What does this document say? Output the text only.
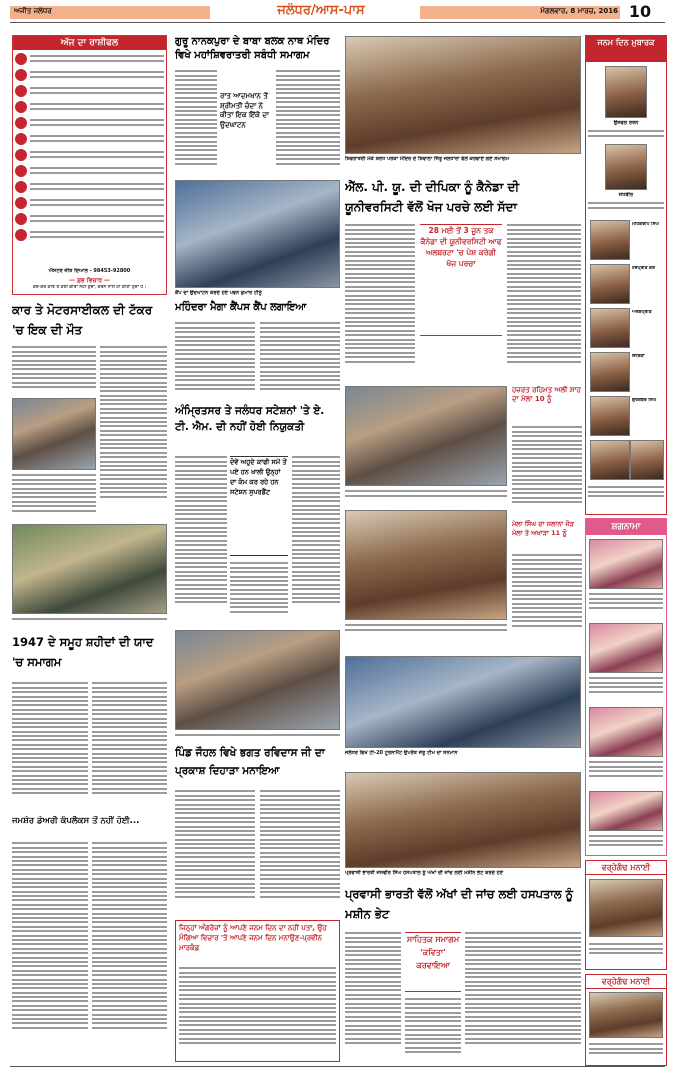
ਅਜੀਤ ਜਲੰਧਰ	ਜਲੰਧਰ/ਆਸ-ਪਾਸ	ਮੰਗਲਵਾਰ, 8 ਮਾਰਚ, 2016 10
ਅੱਜ ਦਾ ਰਾਸ਼ੀਫਲ
ਐਸਟਰੋ ਜੀਤ ਦਿਆਲ - 98453-92800
— ਸ਼ੁਭ ਵਿਚਾਰ —
ਕਰੋ-ਕਰੋ ਕੀਤੇ ਤੋਂ ਕੋਈ ਕੀਤਾ ਨਹੀਂ ਹੁੰਦਾ, ਕਰਨ ਨਾਲ ਹੀ ਕੀਤਾ ਹੁੰਦਾ ਹੈ।
ਗੁਰੂ ਨਾਨਕਪੁਰਾ ਦੇ ਬਾਬਾ ਬਲਕ ਨਾਥ ਮੰਦਿਰ ਵਿਖੇ ਮਹਾਂਸ਼ਿਵਰਾਤਰੀ ਸਬੰਧੀ ਸਮਾਗਮ
ਰਾਤ ਆਦਮਖਾਨ ਤੋਂ ਸ਼੍ਰੀਮਤੀ ਚੰਦਾ ਨੇ ਕੀਤਾ ਇਕ ਇੱਕੋ ਦਾ ਉਦਘਾਟਨ
ਸ਼ਿਵਰਾਤਰੀ ਮੌਕੇ ਸ਼ਰਧ ਪਰਕਾ ਮੰਦਿਰ ਦੇ ਸ਼ਿਵਾਲਾ ਜਿੱਤੂ ਜਲਧਾਰਾ ਵੱਲੋਂ ਕਰਵਾਏ ਗਏ ਸਮਾਗਮ
ਕੈਂਪ ਦਾ ਉਦਘਾਟਨ ਕਰਦੇ ਹੋਏ ਪਵਨ ਕੁਮਾਰ ਟੀਨੂੰ
ਐੱਲ. ਪੀ. ਯੂ. ਦੀ ਦੀਪਿਕਾ ਨੂੰ ਕੈਨੇਡਾ ਦੀ ਯੂਨੀਵਰਸਿਟੀ ਵੱਲੋਂ ਖੋਜ ਪਰਚੇ ਲਈ ਸੱਦਾ
28 ਮਈ ਤੋਂ 3 ਜੂਨ ਤਕ ਕੈਨੇਡਾ ਦੀ ਯੂਨੀਵਰਸਿਟੀ ਆਫ ਅਲਬਰਟਾ 'ਚ ਪੇਸ਼ ਕਰੇਗੀ ਖੋਜ ਪਰਚਾ
ਕਾਰ ਤੇ ਮੋਟਰਸਾਈਕਲ ਦੀ ਟੱਕਰ 'ਚ ਇਕ ਦੀ ਮੌਤ
ਮਹਿੰਦਰਾ ਮੈਗਾ ਕੈਂਪਸ ਕੈਂਪ ਲਗਾਇਆ
ਅੰਮ੍ਰਿਤਸਰ ਤੇ ਜਲੰਧਰ ਸਟੇਸ਼ਨਾਂ 'ਤੇ ਏ. ਟੀ. ਐਮ. ਦੀ ਨਹੀਂ ਹੋਈ ਨਿਯੁਕਤੀ
ਦੋਵੇਂ ਅਹੁਦੇ ਕਾਫੀ ਸਮੇਂ ਤੋਂ ਪਏ ਹਨ ਖਾਲੀ ਉਨ੍ਹਾਂ ਦਾ ਕੰਮ ਕਰ ਰਹੇ ਹਨ ਸਟੇਸ਼ਨ ਸੁਪਰਡੈਂਟ
1947 ਦੇ ਸਮੂਹ ਸ਼ਹੀਦਾਂ ਦੀ ਯਾਦ 'ਚ ਸਮਾਗਮ
ਪਿੰਡ ਜੌਹਲ ਵਿਖੇ ਭਗਤ ਰਵਿਦਾਸ ਜੀ ਦਾ ਪ੍ਰਕਾਸ਼ ਦਿਹਾੜਾ ਮਨਾਇਆ
ਜਲੰਧਰ ਵਿਖੇ ਟੀ-20 ਟੂਰਨਾਮੈਂਟ ਉਪਰੰਤ ਜੇਤੂ ਟੀਮ ਦਾ ਸਨਮਾਨ
ਪ੍ਰਵਾਸੀ ਭਾਰਤੀ ਜਸਵੀਰ ਸਿੰਘ ਹਸਪਤਾਲ ਨੂੰ ਅੱਖਾਂ ਦੀ ਜਾਂਚ ਲਈ ਮਸ਼ੀਨ ਭੇਟ ਕਰਦੇ ਹੋਏ
ਜਮਸ਼ੇਰ ਡੇਅਰੀ ਕੰਪਲੈਕਸ ਤੋਂ ਨਹੀਂ ਹੋਈ...
ਜਿਨ੍ਹਾਂ ਅੰਗਰੇਜ਼ਾਂ ਨੂੰ ਆਪਣੇ ਜਨਮ ਦਿਨ ਦਾ ਨਹੀਂ ਪਤਾ, ਉਹ ਮੰਗਿਆ ਵਿਚਾਰ 'ਤੇ ਆਪਣੇ ਜਨਮ ਦਿਨ ਮਨਾਉਣ-ਪ੍ਰਵੀਨ ਮਾਰਕੰਡ
ਪ੍ਰਵਾਸੀ ਭਾਰਤੀ ਵੱਲੋਂ ਅੱਖਾਂ ਦੀ ਜਾਂਚ ਲਈ ਹਸਪਤਾਲ ਨੂੰ ਮਸ਼ੀਨ ਭੇਟ
ਸਾਹਿਤਕ ਸਮਾਗਮ 'ਕਵਿਤਾ' ਕਰਵਾਇਆ
ਜਨਮ ਦਿਨ ਮੁਬਾਰਕ
ਉਜਵਲ ਰਤਨ
ਜੋਧਬੀਰ
ਮਹਿਕਦੀਪ ਸਿੰਘ
ਹਰਪ੍ਰੀਤ ਕੌਰ
ਅਰਸ਼ਪ੍ਰੀਤ
ਇਸ਼ਿਕਾ
ਗੁਰਸ਼ਬਦ ਸਿੰਘ
ਸ਼ਗਨਾਮਾ
ਵਰ੍ਹੇਗੰਢ ਮਨਾਈ
ਵਰ੍ਹੇਗੰਢ ਮਨਾਈ
ਹਜ਼ਰਤ ਰਹਿਮਤ ਅਲੀ ਸ਼ਾਹ ਦਾ ਮੇਲਾ 10 ਨੂੰ
ਮੇਲਾ ਸਿੰਘ ਦਾ ਸਲਾਨਾ ਜੋੜ ਮੇਲਾ ਤੇ ਅਖਾੜਾ 11 ਨੂੰ
